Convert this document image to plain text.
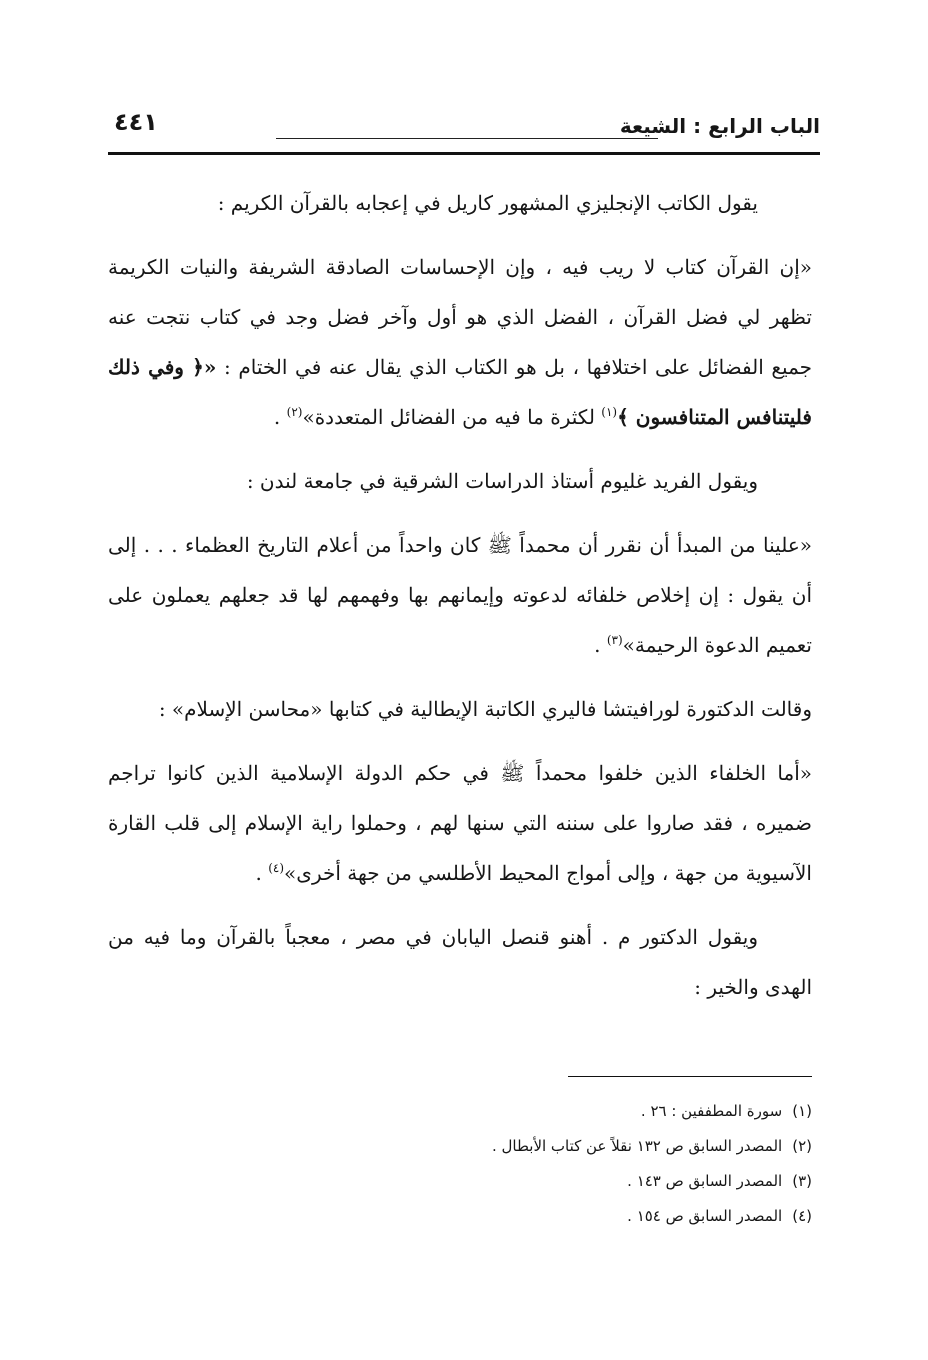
الباب الرابع : الشيعة
٤٤١

يقول الكاتب الإنجليزي المشهور كاريل في إعجابه بالقرآن الكريم :

«إن القرآن كتاب لا ريب فيه ، وإن الإحساسات الصادقة الشريفة والنيات الكريمة تظهر لي فضل القرآن ، الفضل الذي هو أول وآخر فضل وجد في كتاب نتجت عنه جميع الفضائل على اختلافها ، بل هو الكتاب الذي يقال عنه في الختام : «﴿ وفي ذلك فليتنافس المتنافسون ﴾$^{(١)}$ لكثرة ما فيه من الفضائل المتعددة»$^{(٢)}$ .

ويقول الفريد غليوم أستاذ الدراسات الشرقية في جامعة لندن :

«علينا من المبدأ أن نقرر أن محمداً ﷺ كان واحداً من أعلام التاريخ العظماء . . . إلى أن يقول : إن إخلاص خلفائه لدعوته وإيمانهم بها وفهمهم لها قد جعلهم يعملون على تعميم الدعوة الرحيمة»$^{(٣)}$ .

وقالت الدكتورة لورافيتشا فاليري الكاتبة الإيطالية في كتابها «محاسن الإسلام» :

«أما الخلفاء الذين خلفوا محمداً ﷺ في حكم الدولة الإسلامية الذين كانوا تراجم ضميره ، فقد صاروا على سننه التي سنها لهم ، وحملوا راية الإسلام إلى قلب القارة الآسيوية من جهة ، وإلى أمواج المحيط الأطلسي من جهة أخرى»$^{(٤)}$ .

ويقول الدكتور م . أهنو قنصل اليابان في مصر ، معجباً بالقرآن وما فيه من الهدى والخير :

(١)سورة المطففين : ٢٦ .

(٢)المصدر السابق ص ١٣٢ نقلاً عن كتاب الأبطال .

(٣)المصدر السابق ص ١٤٣ .

(٤)المصدر السابق ص ١٥٤ .
